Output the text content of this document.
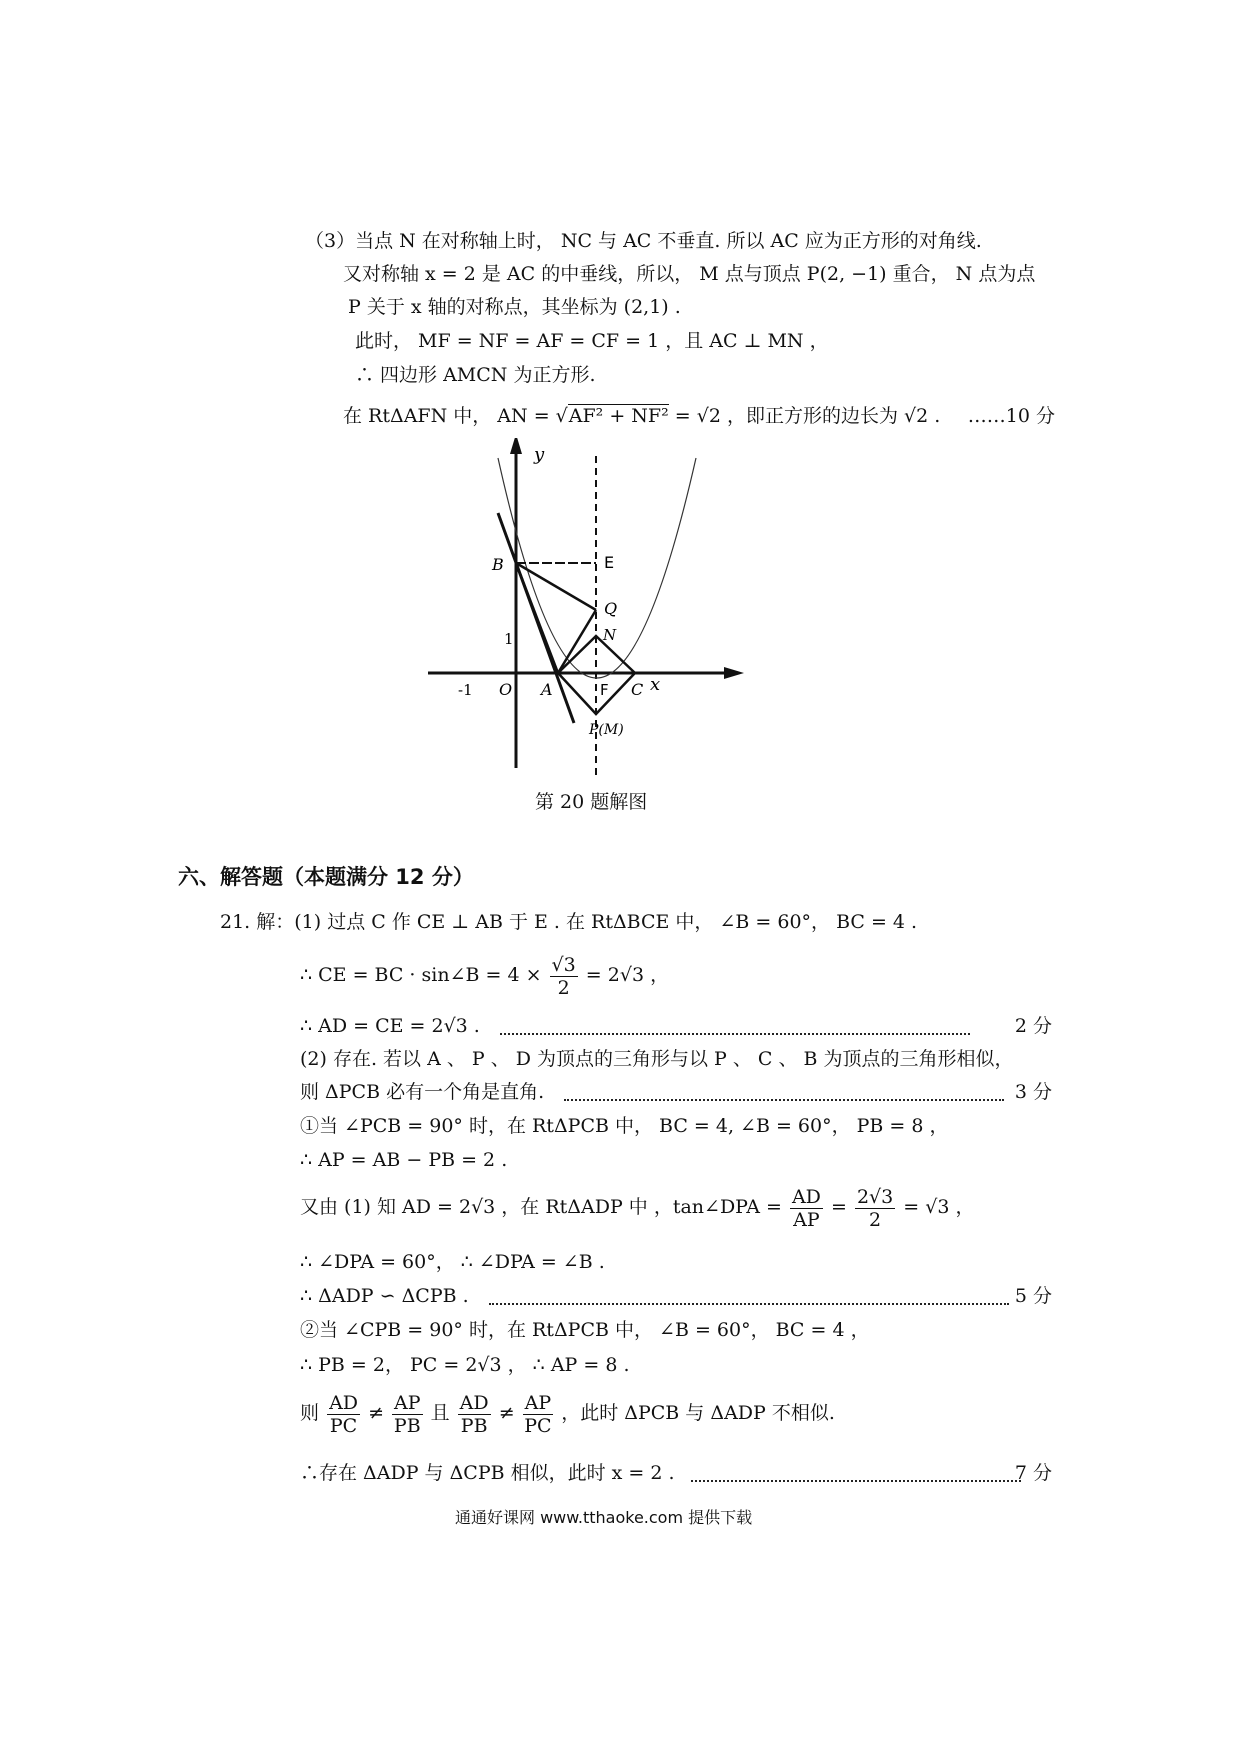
（3）当点 N 在对称轴上时， NC 与 AC 不垂直. 所以 AC 应为正方形的对角线.
又对称轴 x = 2 是 AC 的中垂线，所以， M 点与顶点 P(2, −1) 重合， N 点为点
P 关于 x 轴的对称点，其坐标为 (2,1) .
此时， MF = NF = AF = CF = 1 ，且 AC ⊥ MN ，
∴ 四边形 AMCN 为正方形.
在 RtΔAFN 中， AN = √AF² + NF² = √2 ，即正方形的边长为 √2 . ……10 分
y
x
B	E
Q
N
1
-1 O A	F C
P(M)
第 20 题解图
六、解答题（本题满分 12 分）
21. 解：(1) 过点 C 作 CE ⊥ AB 于 E . 在 RtΔBCE 中， ∠B = 60°， BC = 4 .
∴ CE = BC · sin∠B = $4 \times \frac{√3}{2} = 2√3$ ，
∴ AD = CE = 2√3 .	2 分
(2) 存在. 若以 A 、 P 、 D 为顶点的三角形与以 P 、 C 、 B 为顶点的三角形相似，
则 ΔPCB 必有一个角是直角.	3 分
①当 ∠PCB = 90° 时，在 RtΔPCB 中， BC = 4, ∠B = 60°， PB = 8 ，
∴ AP = AB − PB = 2 .
又由 (1) 知 AD = 2√3 ，在 RtΔADP 中 ，tan∠DPA = $\frac{AD}{AP} = \frac{2√3}{2} = √3$ ，
∴ ∠DPA = 60°， ∴ ∠DPA = ∠B .
∴ ΔADP ∽ ΔCPB .	5 分
②当 ∠CPB = 90° 时，在 RtΔPCB 中， ∠B = 60°， BC = 4 ，
∴ PB = 2， PC = 2√3 ， ∴ AP = 8 .
则 $\frac{AD}{PC} \ne \frac{AP}{PB}$ 且 $\frac{AD}{PB} \ne \frac{AP}{PC}$ ，此时 ΔPCB 与 ΔADP 不相似.
∴存在 ΔADP 与 ΔCPB 相似，此时 x = 2 .	7 分
通通好课网 www.tthaoke.com 提供下载
